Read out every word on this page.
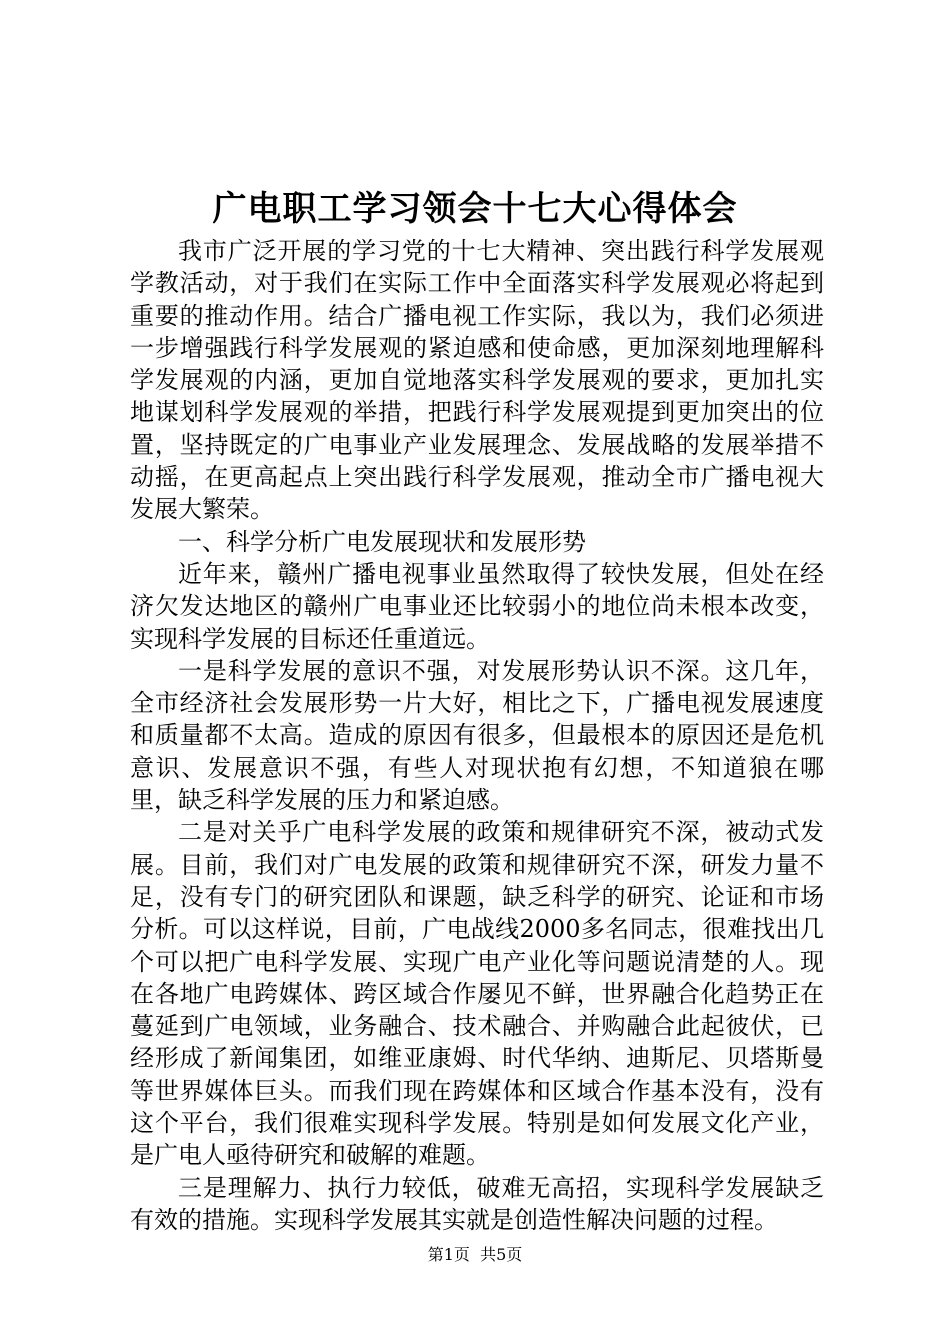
广电职工学习领会十七大心得体会

我市广泛开展的学习党的十七大精神、突出践行科学发展观学教活动，对于我们在实际工作中全面落实科学发展观必将起到重要的推动作用。结合广播电视工作实际，我以为，我们必须进一步增强践行科学发展观的紧迫感和使命感，更加深刻地理解科学发展观的内涵，更加自觉地落实科学发展观的要求，更加扎实地谋划科学发展观的举措，把践行科学发展观提到更加突出的位置，坚持既定的广电事业产业发展理念、发展战略的发展举措不动摇，在更高起点上突出践行科学发展观，推动全市广播电视大发展大繁荣。

一、科学分析广电发展现状和发展形势

近年来，赣州广播电视事业虽然取得了较快发展，但处在经济欠发达地区的赣州广电事业还比较弱小的地位尚未根本改变，实现科学发展的目标还任重道远。

一是科学发展的意识不强，对发展形势认识不深。这几年，全市经济社会发展形势一片大好，相比之下，广播电视发展速度和质量都不太高。造成的原因有很多，但最根本的原因还是危机意识、发展意识不强，有些人对现状抱有幻想，不知道狼在哪里，缺乏科学发展的压力和紧迫感。

二是对关乎广电科学发展的政策和规律研究不深，被动式发展。目前，我们对广电发展的政策和规律研究不深，研发力量不足，没有专门的研究团队和课题，缺乏科学的研究、论证和市场分析。可以这样说，目前，广电战线2000多名同志，很难找出几个可以把广电科学发展、实现广电产业化等问题说清楚的人。现在各地广电跨媒体、跨区域合作屡见不鲜，世界融合化趋势正在蔓延到广电领域，业务融合、技术融合、并购融合此起彼伏，已经形成了新闻集团，如维亚康姆、时代华纳、迪斯尼、贝塔斯曼等世界媒体巨头。而我们现在跨媒体和区域合作基本没有，没有这个平台，我们很难实现科学发展。特别是如何发展文化产业，是广电人亟待研究和破解的难题。

三是理解力、执行力较低，破难无高招，实现科学发展缺乏有效的措施。实现科学发展其实就是创造性解决问题的过程。

第1页 共5页
